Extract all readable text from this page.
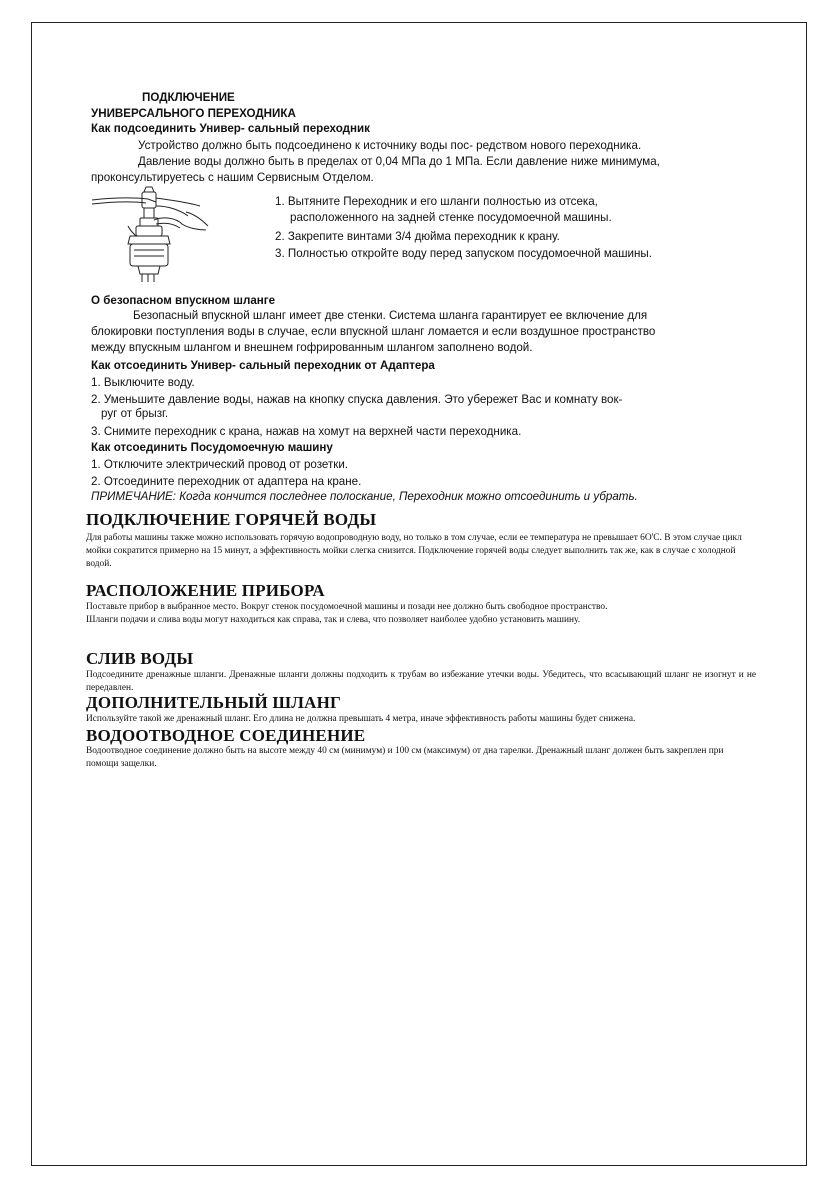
ПОДКЛЮЧЕНИЕ
УНИВЕРСАЛЬНОГО ПЕРЕХОДНИКА
Как подсоединить Универ- сальный переходник
Устройство должно быть подсоединено к источнику воды пос- редством нового переходника.
Давление воды должно быть в пределах от 0,04 МПа до 1 МПа. Если давление ниже минимума,
проконсультируетесь с нашим Сервисным Отделом.
1. Вытяните Переходник и его шланги полностью из отсека,
расположенного на задней стенке посудомоечной машины.
2. Закрепите винтами 3/4 дюйма переходник к крану.
3. Полностью откройте воду перед запуском посудомоечной машины.
О безопасном впускном шланге
Безопасный впускной шланг имеет две стенки. Система шланга гарантирует ее включение для
блокировки поступления воды в случае, если впускной шланг ломается и если воздушное пространство
между впускным шлангом и внешнем гофрированным шлангом заполнено водой.
Как отсоединить Универ- сальный переходник от Адаптера
1. Выключите воду.
2. Уменьшите давление воды, нажав на кнопку спуска давления. Это убережет Вас и комнату вок-
руг от брызг.
3. Снимите переходник с крана, нажав на хомут на верхней части переходника.
Как отсоединить Посудомоечную машину
1. Отключите электрический провод от розетки.
2. Отсоедините переходник от адаптера на кране.
ПРИМЕЧАНИЕ: Когда кончится последнее полоскание, Переходник можно отсоединить и убрать.
ПОДКЛЮЧЕНИЕ ГОРЯЧЕЙ ВОДЫ
Для работы машины также можно использовать горячую водопроводную воду, но только в том случае, если ее температура не превышает 6О'С. В этом случае цикл мойки сократится примерно на 15 минут, а эффективность мойки слегка снизится. Подключение горячей воды следует выполнить так же, как в случае с холодной водой.
РАСПОЛОЖЕНИЕ ПРИБОРА
Поставьте прибор в выбранное место. Вокруг стенок посудомоечной машины и позади нее должно быть свободное пространство.
Шланги подачи и слива воды могут находиться как справа, так и слева, что позволяет наиболее удобно установить машину.
СЛИВ ВОДЫ
Подсоедините дренажные шланги. Дренажные шланги должны подходить к трубам во избежание утечки воды. Убедитесь, что всасывающий шланг не изогнут и не передавлен.
ДОПОЛНИТЕЛЬНЫЙ ШЛАНГ
Используйте такой же дренажный шланг. Его длина не должна превышать 4 метра, иначе эффективность работы машины будет снижена.
ВОДООТВОДНОЕ СОЕДИНЕНИЕ
Водоотводное соединение должно быть на высоте между 40 см (минимум) и 100 см (максимум) от дна тарелки. Дренажный шланг должен быть закреплен при помощи защелки.
